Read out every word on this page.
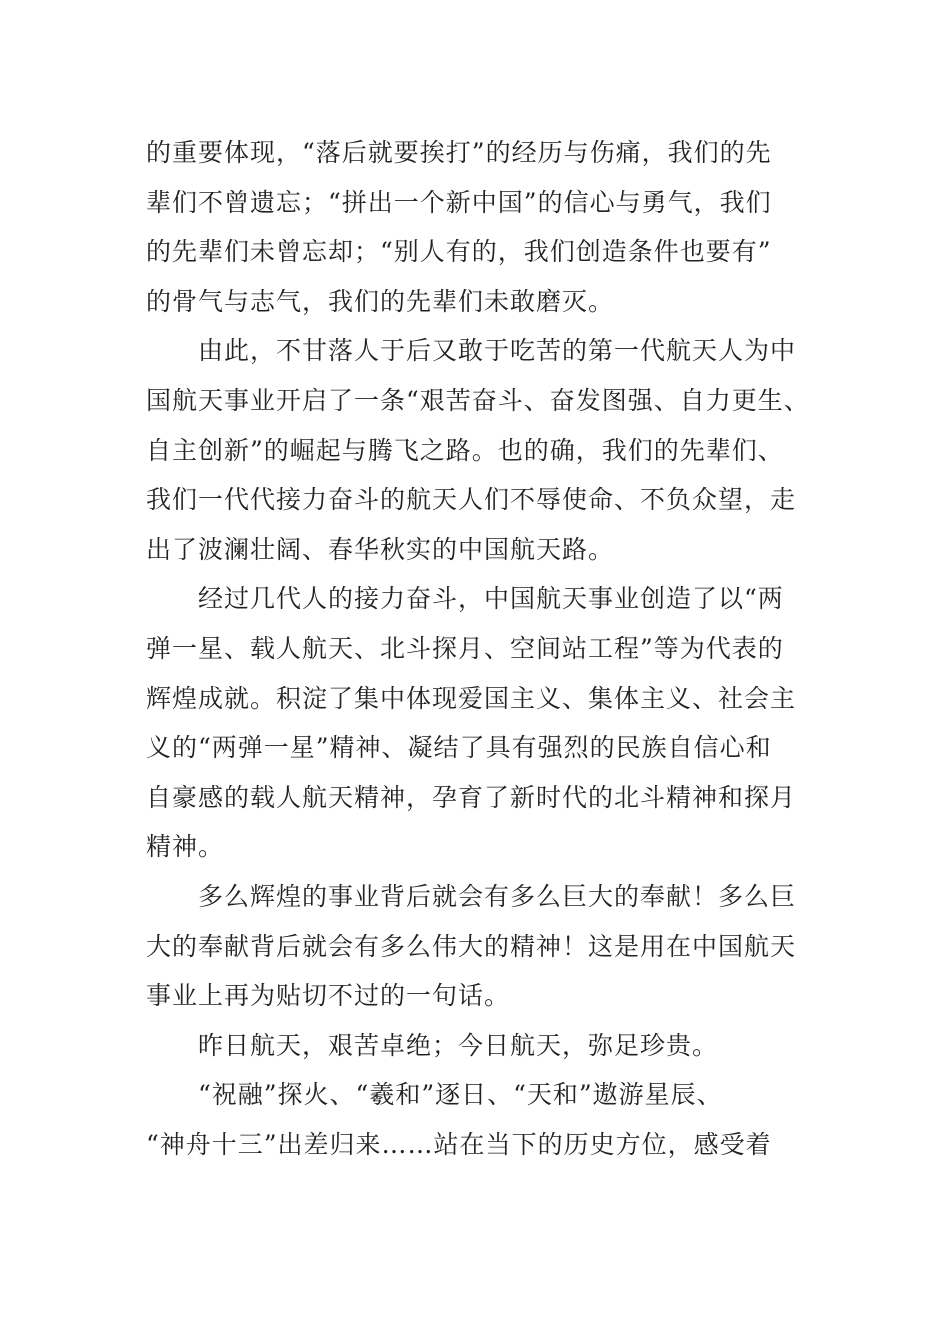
的重要体现，“落后就要挨打”的经历与伤痛，我们的先
辈们不曾遗忘；“拼出一个新中国”的信心与勇气，我们
的先辈们未曾忘却；“别人有的，我们创造条件也要有”
的骨气与志气，我们的先辈们未敢磨灭。
由此，不甘落人于后又敢于吃苦的第一代航天人为中
国航天事业开启了一条“艰苦奋斗、奋发图强、自力更生、
自主创新”的崛起与腾飞之路。也的确，我们的先辈们、
我们一代代接力奋斗的航天人们不辱使命、不负众望，走
出了波澜壮阔、春华秋实的中国航天路。
经过几代人的接力奋斗，中国航天事业创造了以“两
弹一星、载人航天、北斗探月、空间站工程”等为代表的
辉煌成就。积淀了集中体现爱国主义、集体主义、社会主
义的“两弹一星”精神、凝结了具有强烈的民族自信心和
自豪感的载人航天精神，孕育了新时代的北斗精神和探月
精神。
多么辉煌的事业背后就会有多么巨大的奉献！多么巨
大的奉献背后就会有多么伟大的精神！这是用在中国航天
事业上再为贴切不过的一句话。
昨日航天，艰苦卓绝；今日航天，弥足珍贵。
“祝融”探火、“羲和”逐日、“天和”遨游星辰、
“神舟十三”出差归来……站在当下的历史方位，感受着
